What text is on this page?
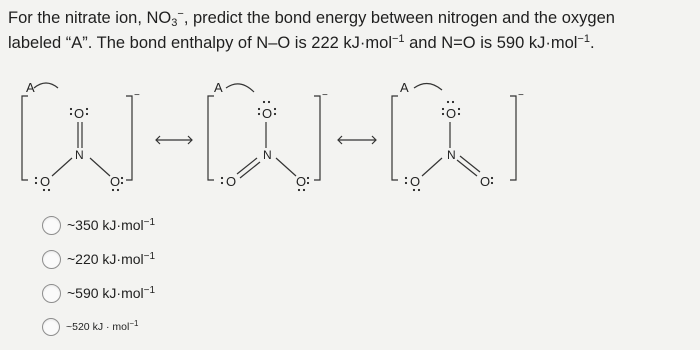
For the nitrate ion, $NO_3^-$, predict the bond energy between nitrogen and the oxygen
labeled “A”. The bond enthalpy of N–O is 222 kJ·mol$^{-1}$ and N=O is 590 kJ·mol$^{-1}$.
A
−
O
N
O	O
A
−
O
N
O	O
A
−
O
N
O	O
~350 kJ·mol$^{-1}$
~220 kJ·mol$^{-1}$
~590 kJ·mol$^{-1}$
~520 kJ · mol$^{-1}$
